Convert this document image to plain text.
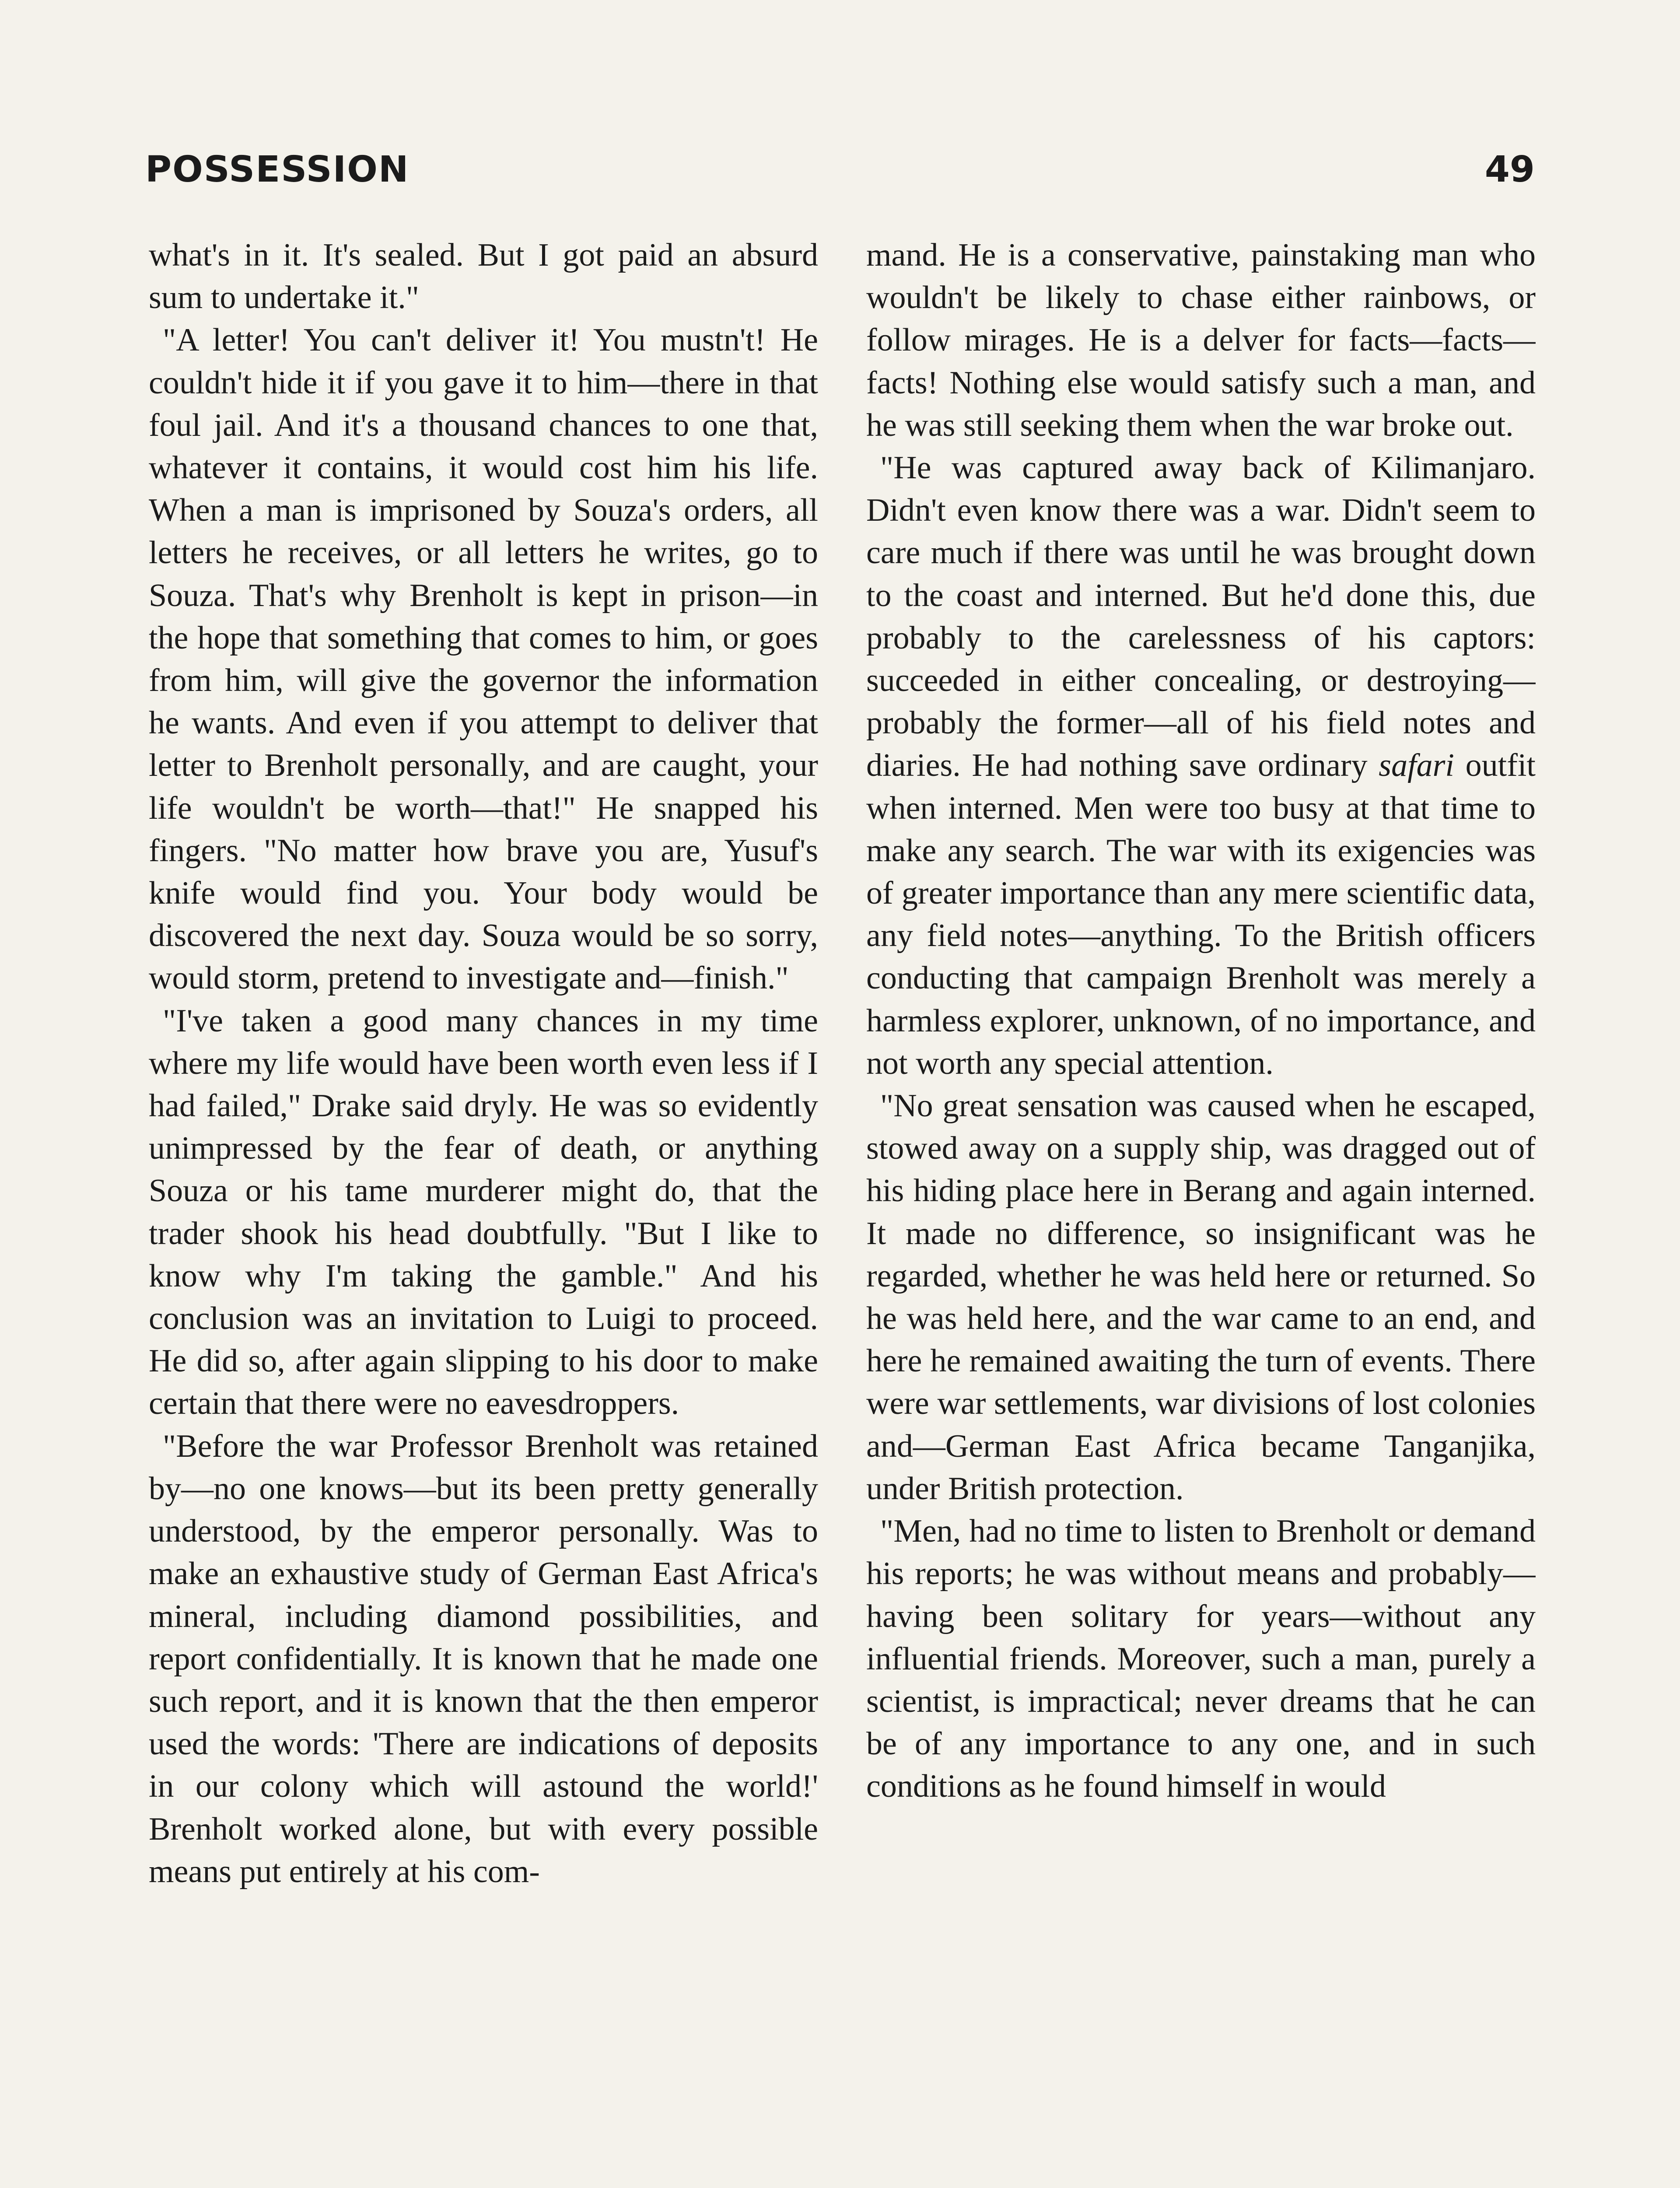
POSSESSION	49

what's in it. It's sealed. But I got paid an absurd sum to undertake it."

"A letter! You can't deliver it! You mustn't! He couldn't hide it if you gave it to him—there in that foul jail. And it's a thousand chances to one that, whatever it contains, it would cost him his life. When a man is imprisoned by Souza's orders, all letters he receives, or all letters he writes, go to Souza. That's why Brenholt is kept in prison—in the hope that something that comes to him, or goes from him, will give the governor the information he wants. And even if you attempt to deliver that letter to Brenholt personally, and are caught, your life wouldn't be worth—that!" He snapped his fingers. "No matter how brave you are, Yusuf's knife would find you. Your body would be discovered the next day. Souza would be so sorry, would storm, pretend to investigate and—finish."

"I've taken a good many chances in my time where my life would have been worth even less if I had failed," Drake said dryly. He was so evidently unimpressed by the fear of death, or anything Souza or his tame murderer might do, that the trader shook his head doubtfully. "But I like to know why I'm taking the gamble." And his conclusion was an invitation to Luigi to proceed. He did so, after again slipping to his door to make certain that there were no eavesdroppers.

"Before the war Professor Brenholt was retained by—no one knows—but its been pretty generally understood, by the emperor personally. Was to make an exhaustive study of German East Africa's mineral, including diamond possibilities, and report confidentially. It is known that he made one such report, and it is known that the then emperor used the words: 'There are indications of deposits in our colony which will astound the world!' Brenholt worked alone, but with every possible means put entirely at his com-

mand. He is a conservative, painstaking man who wouldn't be likely to chase either rainbows, or follow mirages. He is a delver for facts—facts—facts! Nothing else would satisfy such a man, and he was still seeking them when the war broke out.

"He was captured away back of Kilimanjaro. Didn't even know there was a war. Didn't seem to care much if there was until he was brought down to the coast and interned. But he'd done this, due probably to the carelessness of his captors: succeeded in either concealing, or destroying—probably the former—all of his field notes and diaries. He had nothing save ordinary safari outfit when interned. Men were too busy at that time to make any search. The war with its exigencies was of greater importance than any mere scientific data, any field notes—anything. To the British officers conducting that campaign Brenholt was merely a harmless explorer, unknown, of no importance, and not worth any special attention.

"No great sensation was caused when he escaped, stowed away on a supply ship, was dragged out of his hiding place here in Berang and again interned. It made no difference, so insignificant was he regarded, whether he was held here or returned. So he was held here, and the war came to an end, and here he remained awaiting the turn of events. There were war settlements, war divisions of lost colonies and—German East Africa became Tanganjika, under British protection.

"Men, had no time to listen to Brenholt or demand his reports; he was without means and probably—having been solitary for years—without any influential friends. Moreover, such a man, purely a scientist, is impractical; never dreams that he can be of any importance to any one, and in such conditions as he found himself in would
